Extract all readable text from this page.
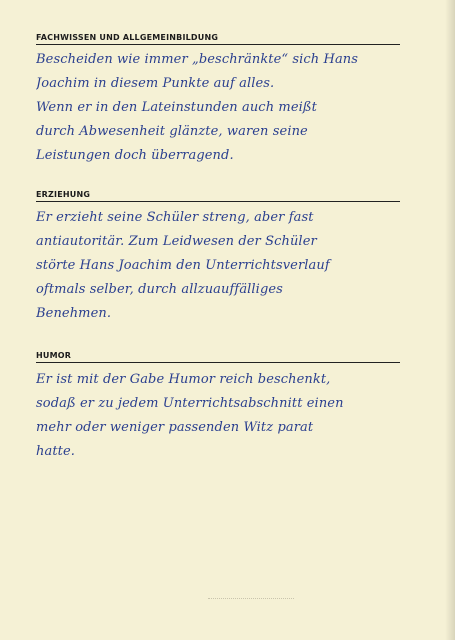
FACHWISSEN UND ALLGEMEINBILDUNG
Bescheiden wie immer „beschränkte“ sich Hans
Joachim in diesem Punkte auf alles.
Wenn er in den Lateinstunden auch meißt
durch Abwesenheit glänzte, waren seine
Leistungen doch überragend.
ERZIEHUNG
Er erzieht seine Schüler streng, aber fast
antiautoritär. Zum Leidwesen der Schüler
störte Hans Joachim den Unterrichtsverlauf
oftmals selber, durch allzuauffälliges
Benehmen.
HUMOR
Er ist mit der Gabe Humor reich beschenkt,
sodaß er zu jedem Unterrichtsabschnitt einen
mehr oder weniger passenden Witz parat
hatte.
